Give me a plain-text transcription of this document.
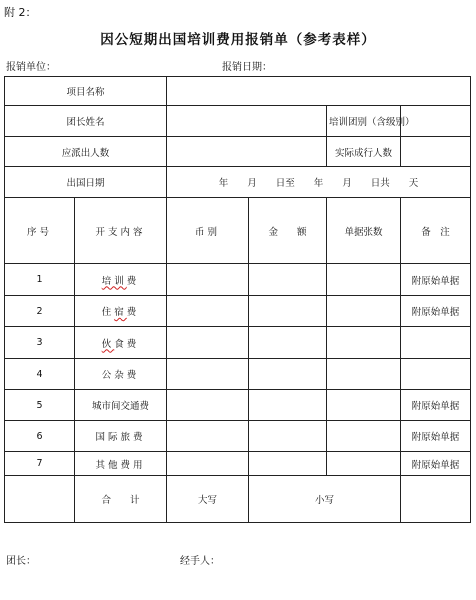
附 2：
因公短期出国培训费用报销单（参考表样）
报销单位：	报销日期：
项目名称					
团长姓名				培训团别（含级别）	
应派出人数				实际成行人数	
出国日期		年　　月　　日至　　年　　月　　日共　　天			
序号	开支内容	币别	金　　额	单据张数	备　注
1	培训费				附原始单据
2	住宿费				附原始单据
3	伙食费				
4	公杂费				
5	城市间交通费				附原始单据
6	国际旅费				附原始单据
7	其他费用				附原始单据
	合　　计	大写	小写		
团长：	经手人：
